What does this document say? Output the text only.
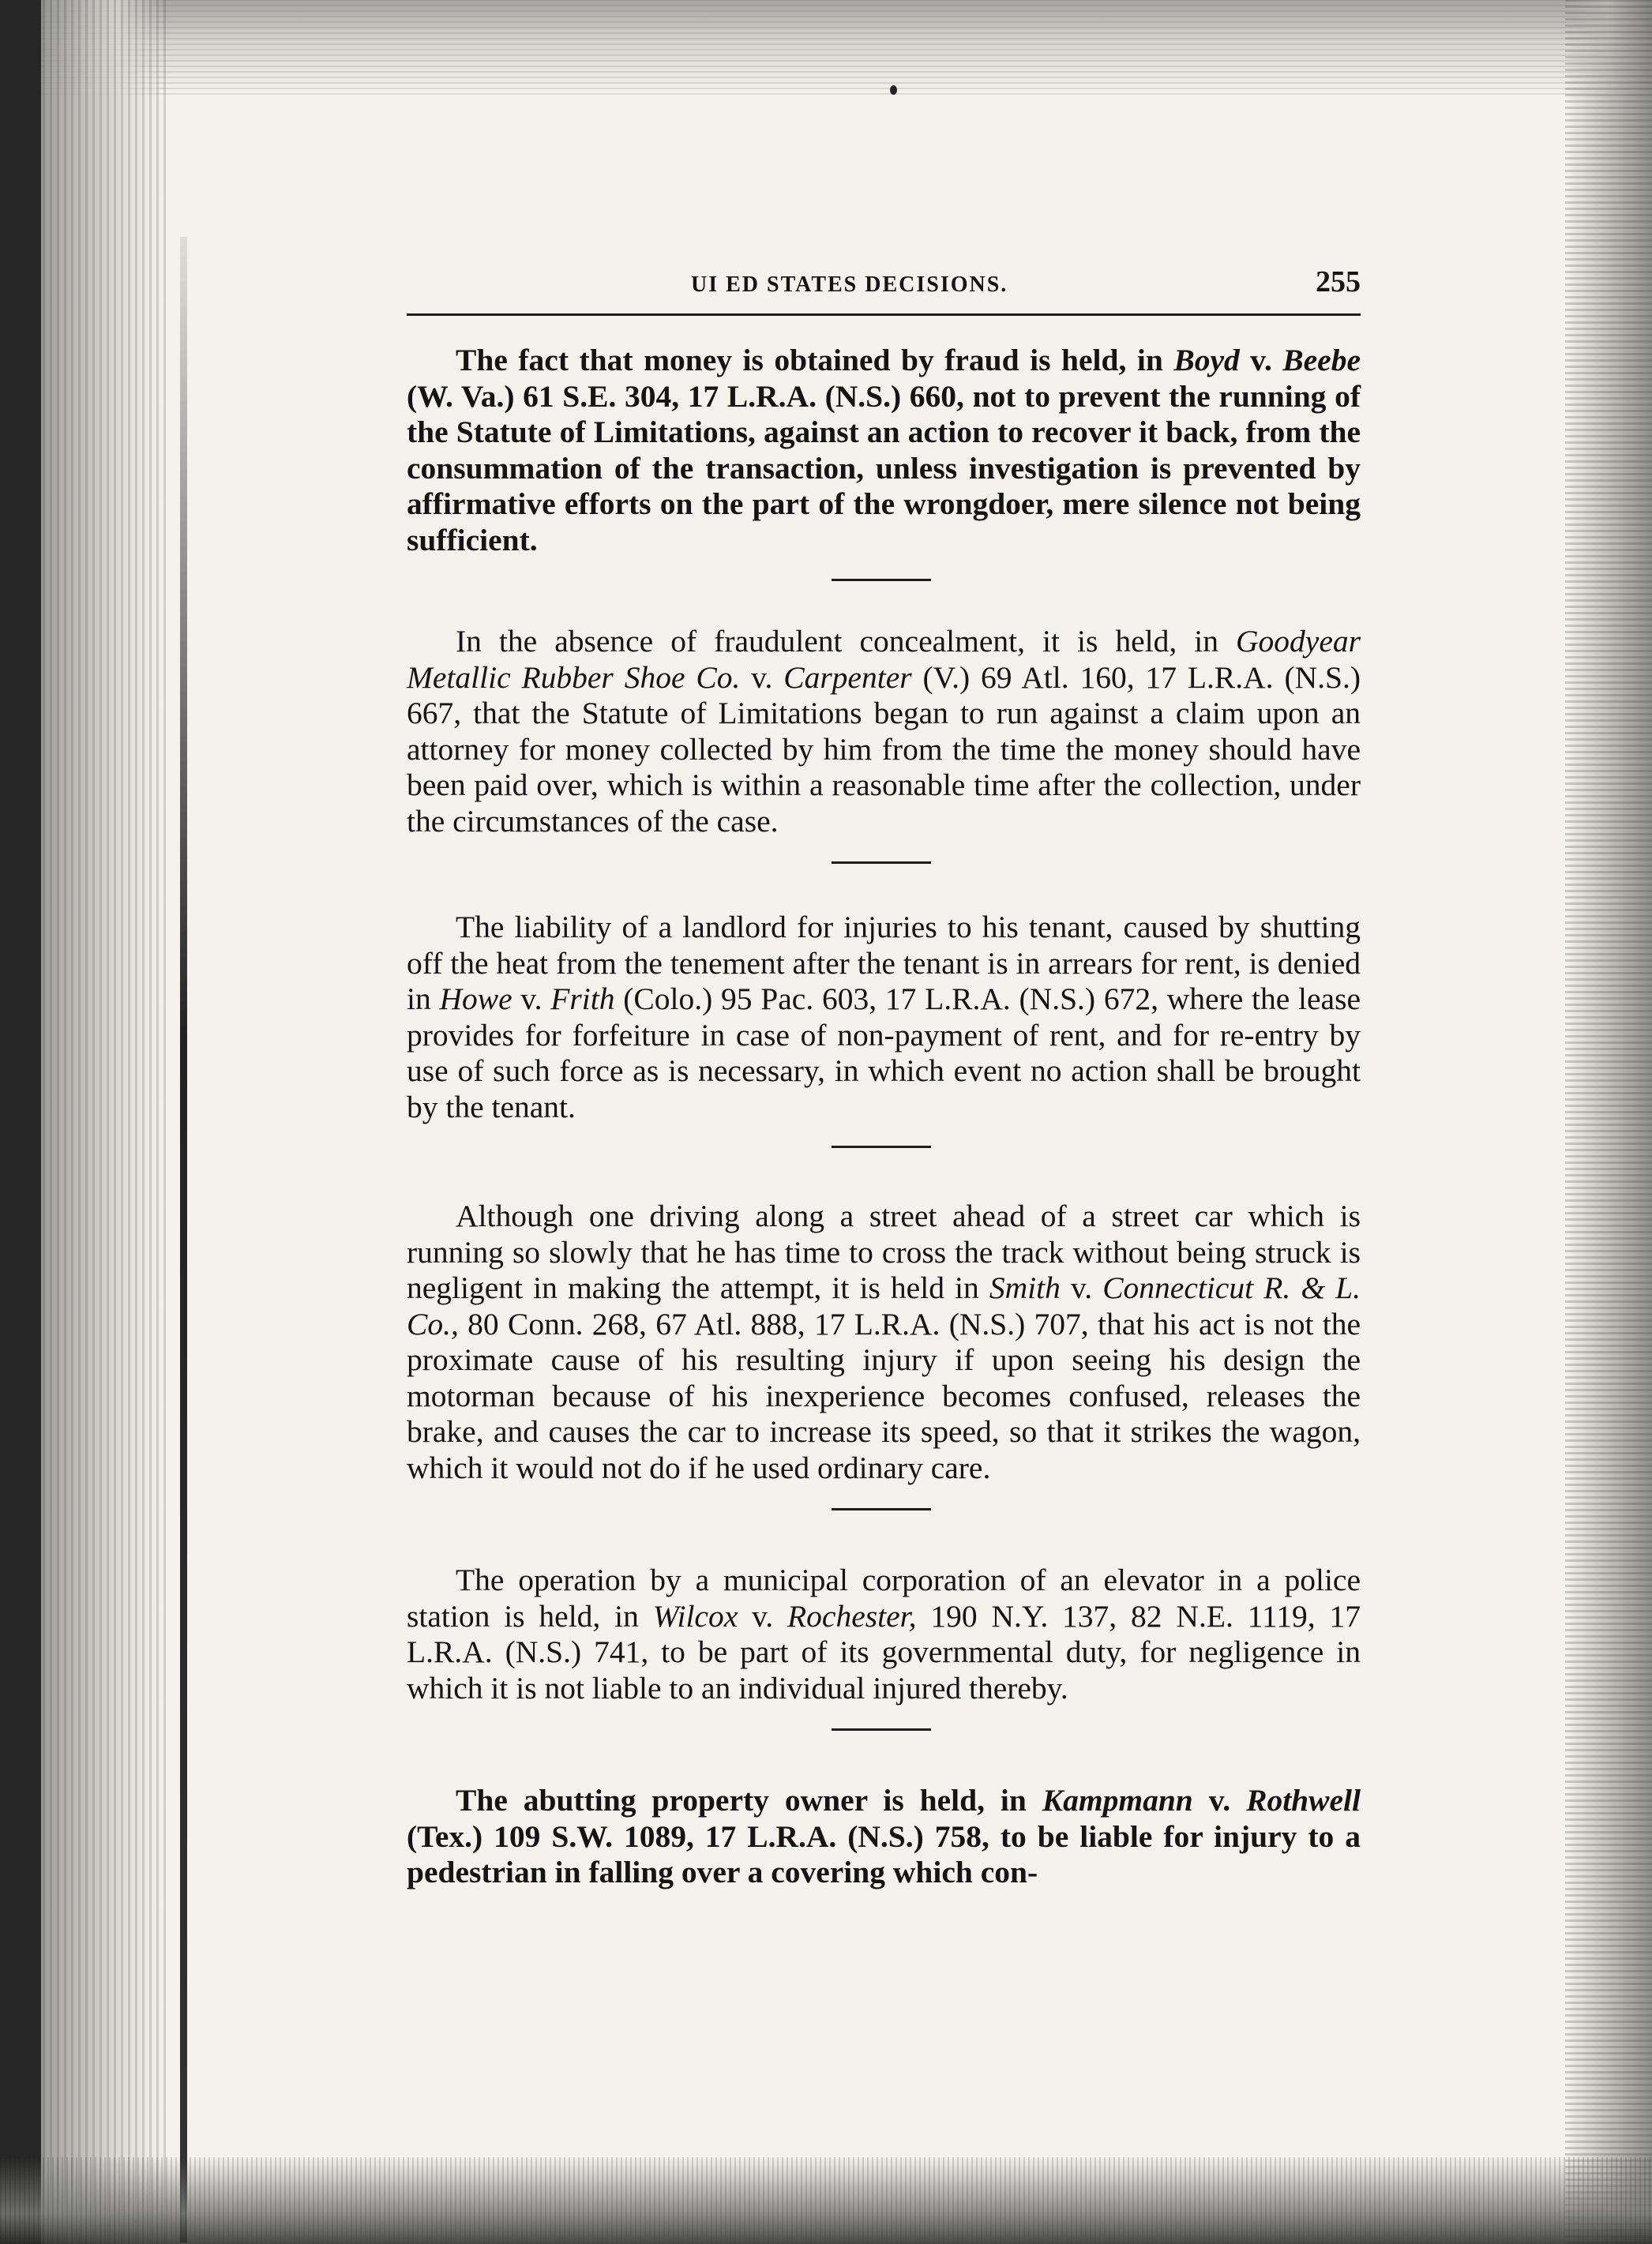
UI ED STATES DECISIONS.	255

The fact that money is obtained by fraud is held, in Boyd v. Beebe (W. Va.) 61 S.E. 304, 17 L.R.A. (N.S.) 660, not to prevent the running of the Statute of Limitations, against an action to recover it back, from the consummation of the transaction, unless investigation is prevented by affirmative efforts on the part of the wrongdoer, mere silence not being sufficient.

In the absence of fraudulent concealment, it is held, in Goodyear Metallic Rubber Shoe Co. v. Carpenter (V.) 69 Atl. 160, 17 L.R.A. (N.S.) 667, that the Statute of Limitations began to run against a claim upon an attorney for money collected by him from the time the money should have been paid over, which is within a reasonable time after the collection, under the circumstances of the case.

The liability of a landlord for injuries to his tenant, caused by shutting off the heat from the tenement after the tenant is in arrears for rent, is denied in Howe v. Frith (Colo.) 95 Pac. 603, 17 L.R.A. (N.S.) 672, where the lease provides for forfeiture in case of non-payment of rent, and for re-entry by use of such force as is necessary, in which event no action shall be brought by the tenant.

Although one driving along a street ahead of a street car which is running so slowly that he has time to cross the track without being struck is negligent in making the attempt, it is held in Smith v. Connecticut R. & L. Co., 80 Conn. 268, 67 Atl. 888, 17 L.R.A. (N.S.) 707, that his act is not the proximate cause of his resulting injury if upon seeing his design the motorman because of his inexperience becomes confused, releases the brake, and causes the car to increase its speed, so that it strikes the wagon, which it would not do if he used ordinary care.

The operation by a municipal corporation of an elevator in a police station is held, in Wilcox v. Rochester, 190 N.Y. 137, 82 N.E. 1119, 17 L.R.A. (N.S.) 741, to be part of its governmental duty, for negligence in which it is not liable to an individual injured thereby.

The abutting property owner is held, in Kampmann v. Rothwell (Tex.) 109 S.W. 1089, 17 L.R.A. (N.S.) 758, to be liable for injury to a pedestrian in falling over a covering which con-
